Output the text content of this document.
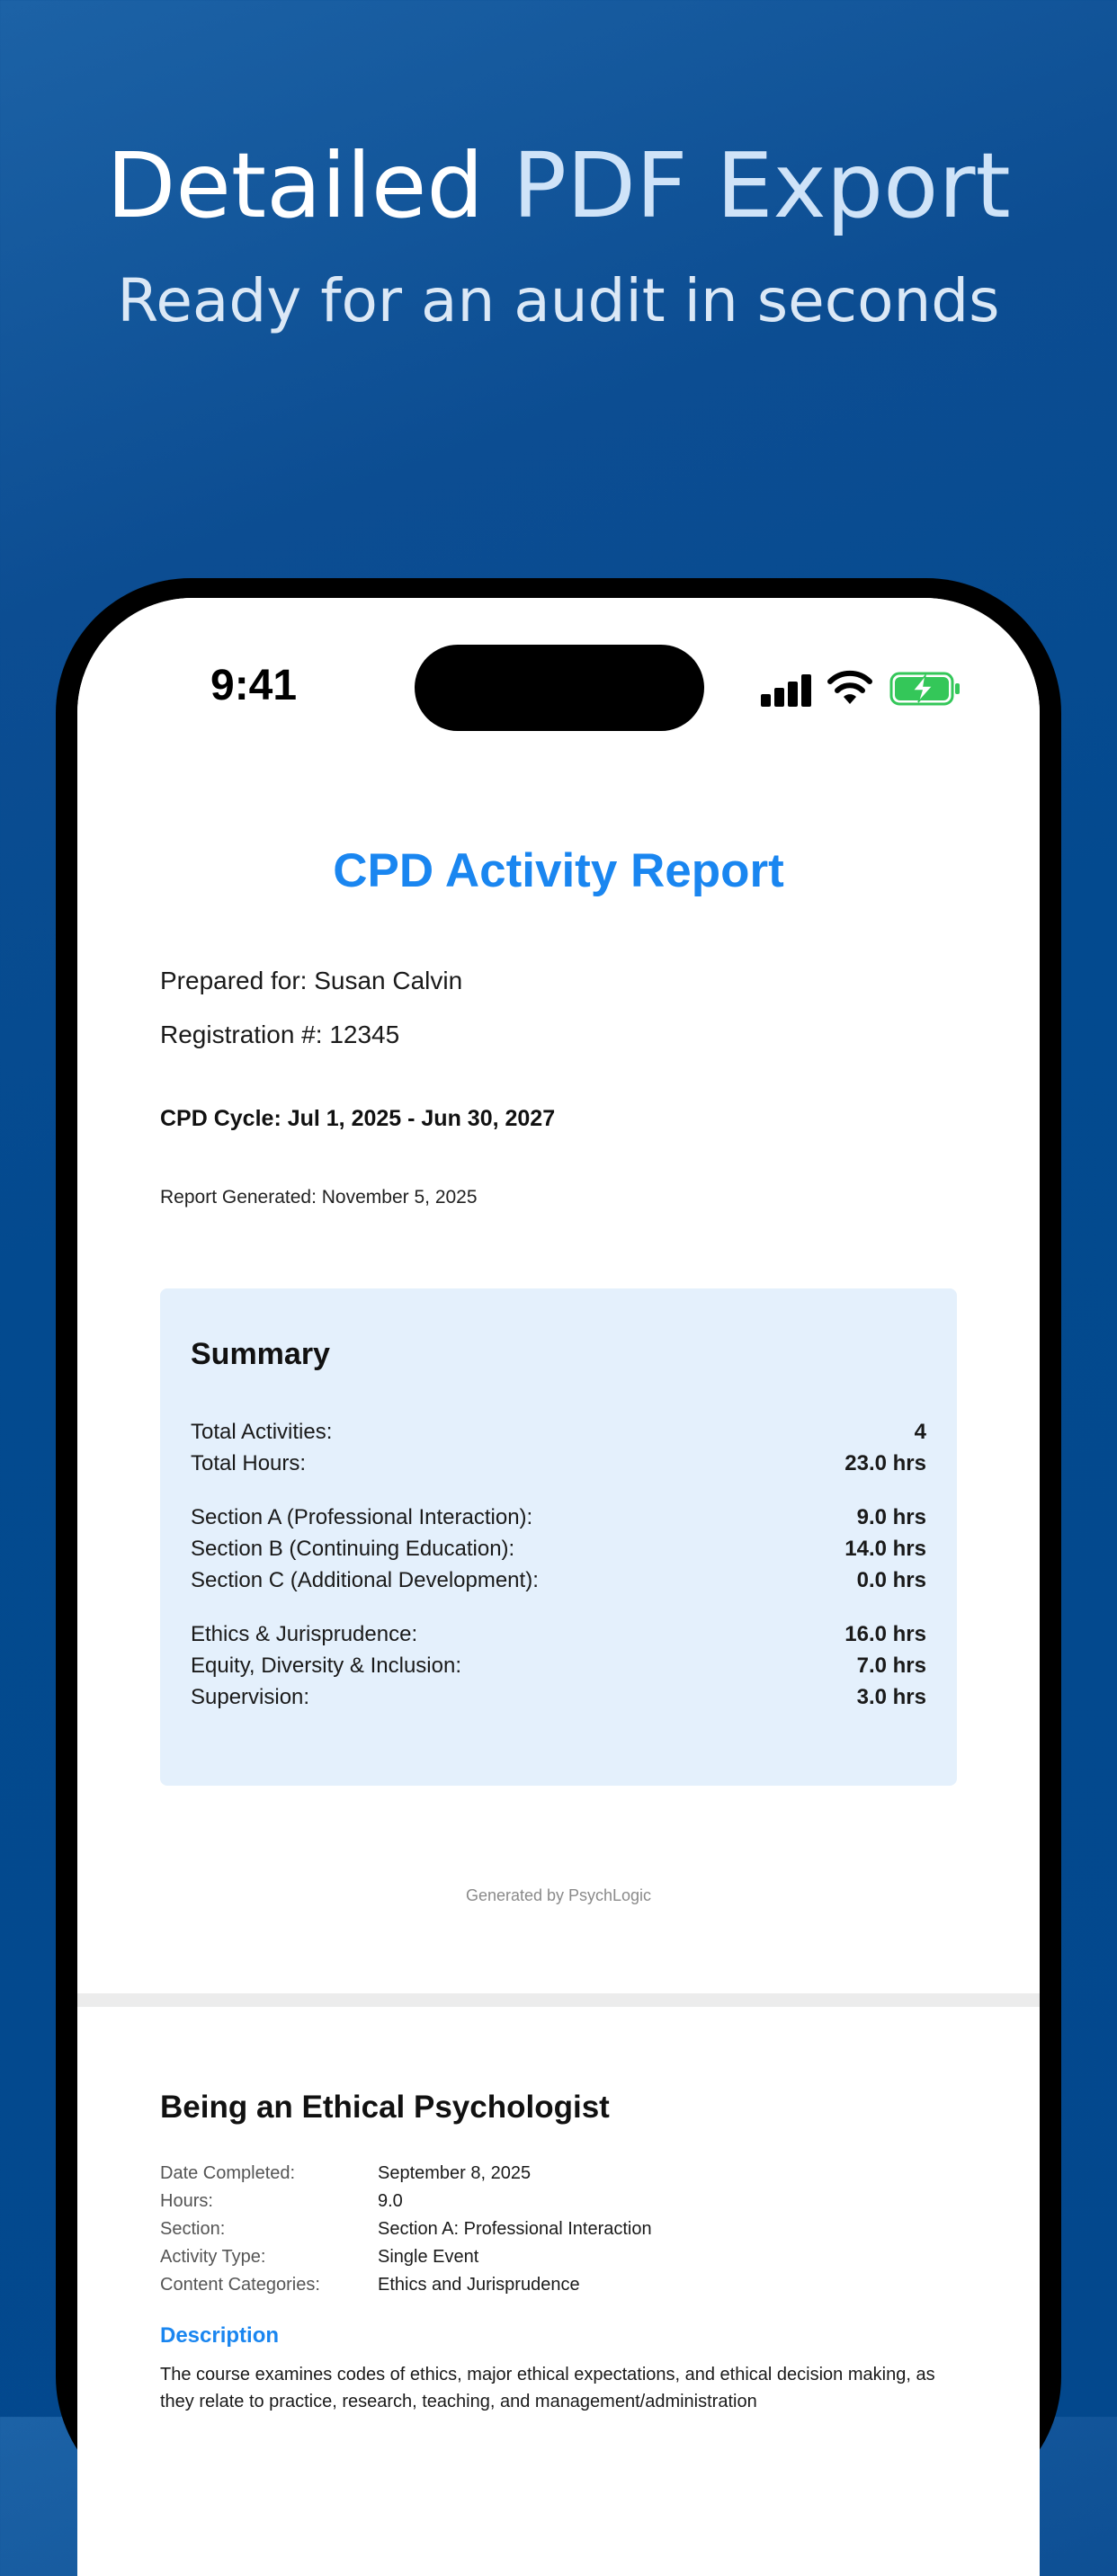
Detailed PDF Export
Ready for an audit in seconds
9:41
CPD Activity Report
Prepared for: Susan Calvin
Registration #: 12345
CPD Cycle: Jul 1, 2025 - Jun 30, 2027
Report Generated: November 5, 2025
Summary
Total Activities:	4
Total Hours:	23.0 hrs
Section A (Professional Interaction):	9.0 hrs
Section B (Continuing Education):	14.0 hrs
Section C (Additional Development):	0.0 hrs
Ethics & Jurisprudence:	16.0 hrs
Equity, Diversity & Inclusion:	7.0 hrs
Supervision:	3.0 hrs
Generated by PsychLogic
Being an Ethical Psychologist
Date Completed:	September 8, 2025
Hours:	9.0
Section:	Section A: Professional Interaction
Activity Type:	Single Event
Content Categories:	Ethics and Jurisprudence
Description
The course examines codes of ethics, major ethical expectations, and ethical decision making, as they relate to practice, research, teaching, and management/administration
